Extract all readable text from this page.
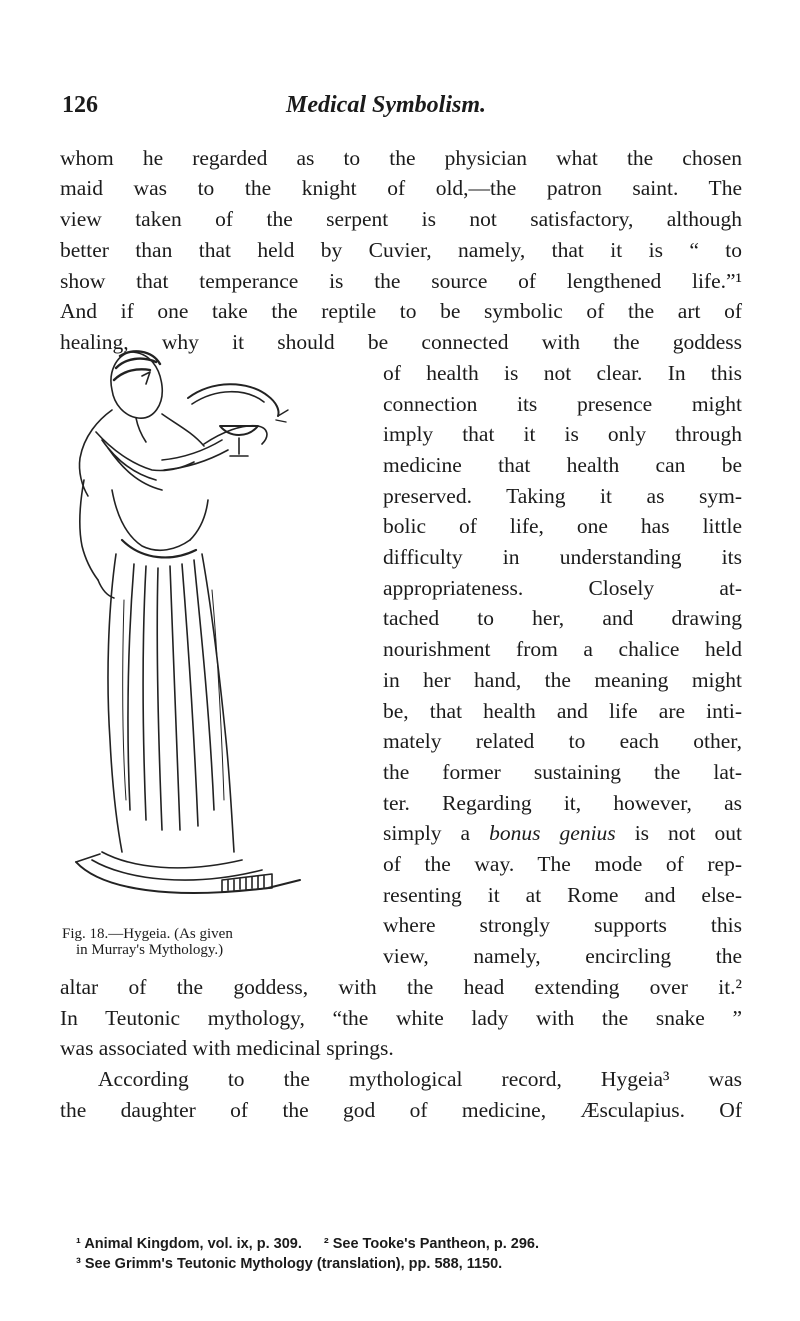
126	Medical Symbolism.
whom he regarded as to the physician what the chosen
maid was to the knight of old,—the patron saint. The
view taken of the serpent is not satisfactory, although
better than that held by Cuvier, namely, that it is “ to
show that temperance is the source of lengthened life.”¹
And if one take the reptile to be symbolic of the art of
healing, why it should be connected with the goddess
of health is not clear. In this
connection its presence might
imply that it is only through
medicine that health can be
preserved. Taking it as sym-
bolic of life, one has little
difficulty in understanding its
appropriateness. Closely at-
tached to her, and drawing
nourishment from a chalice held
in her hand, the meaning might
be, that health and life are inti-
mately related to each other,
the former sustaining the lat-
ter. Regarding it, however, as
simply a bonus genius is not out
of the way. The mode of rep-
resenting it at Rome and else-
where strongly supports this
view, namely, encircling the
altar of the goddess, with the head extending over it.²
In Teutonic mythology, “the white lady with the snake ”
was associated with medicinal springs.
According to the mythological record, Hygeia³ was
the daughter of the god of medicine, Æsculapius. Of
Fig. 18.—Hygeia. (As given
in Murray's Mythology.)
¹ Animal Kingdom, vol. ix, p. 309. ² See Tooke's Pantheon, p. 296.
³ See Grimm's Teutonic Mythology (translation), pp. 588, 1150.
